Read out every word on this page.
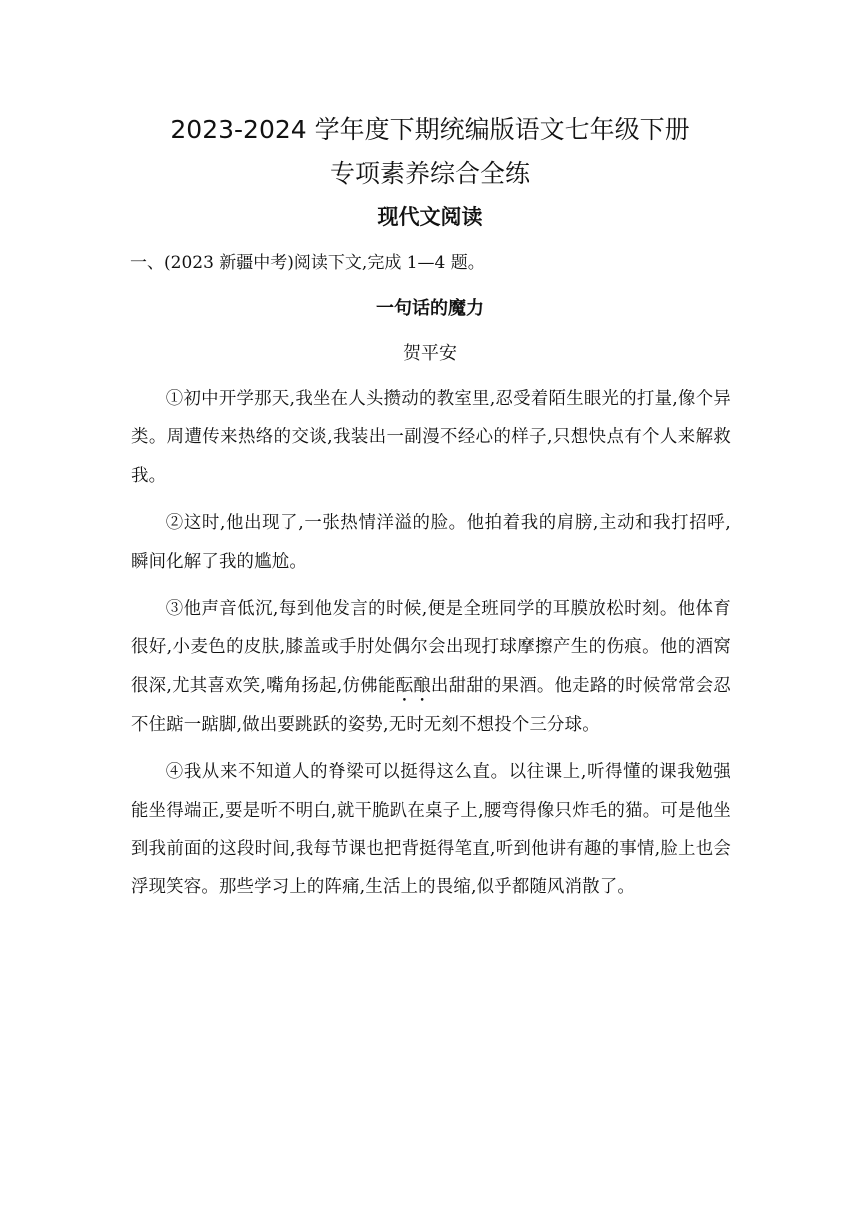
2023-2024 学年度下期统编版语文七年级下册
专项素养综合全练
现代文阅读

一、(2023 新疆中考)阅读下文,完成 1—4 题。

一句话的魔力

贺平安

①初中开学那天,我坐在人头攒动的教室里,忍受着陌生眼光的打量,像个异类。周遭传来热络的交谈,我装出一副漫不经心的样子,只想快点有个人来解救我。

②这时,他出现了,一张热情洋溢的脸。他拍着我的肩膀,主动和我打招呼,瞬间化解了我的尴尬。

③他声音低沉,每到他发言的时候,便是全班同学的耳膜放松时刻。他体育很好,小麦色的皮肤,膝盖或手肘处偶尔会出现打球摩擦产生的伤痕。他的酒窝很深,尤其喜欢笑,嘴角扬起,仿佛能酝酿出甜甜的果酒。他走路的时候常常会忍不住踮一踮脚,做出要跳跃的姿势,无时无刻不想投个三分球。

④我从来不知道人的脊梁可以挺得这么直。以往课上,听得懂的课我勉强能坐得端正,要是听不明白,就干脆趴在桌子上,腰弯得像只炸毛的猫。可是他坐到我前面的这段时间,我每节课也把背挺得笔直,听到他讲有趣的事情,脸上也会浮现笑容。那些学习上的阵痛,生活上的畏缩,似乎都随风消散了。
